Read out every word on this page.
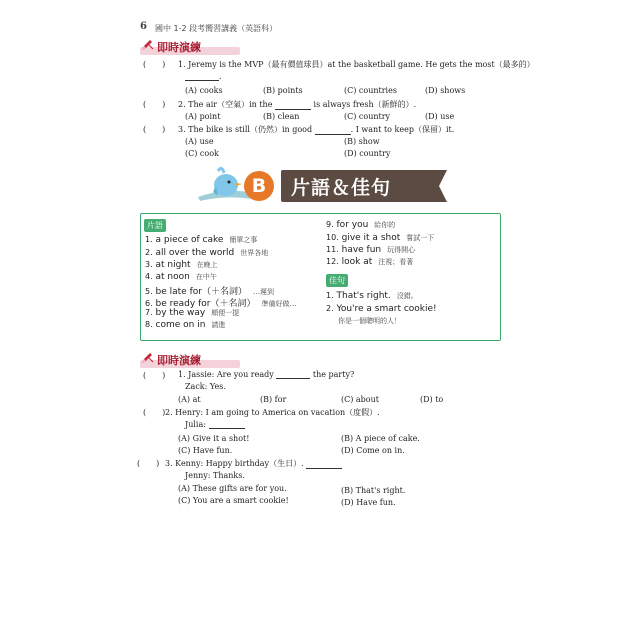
6 國中 1-2 段考嚮習講義（英語科）
即時演練
(　　) 1. Jeremy is the MVP（最有價值球員）at the basketball game. He gets the most（最多的）
.
(A) cooks	(B) points	(C) countries	(D) shows
(　　) 2. The air（空氣）in the	is always fresh（新鮮的）.
(A) point	(B) clean	(C) country	(D) use
(　　) 3. The bike is still（仍然）in good	. I want to keep（保留）it.
(A) use	(B) show
(C) cook	(D) country
B	片語＆佳句
片語
1. a piece of cake 簡單之事
2. all over the world 世界各地
3. at night 在晚上
4. at noon 在中午
5. be late for（＋名詞） …遲到
6. be ready for（＋名詞） 準備好做…
7. by the way 順便一提
8. come on in 請進
9. for you 給你的
10. give it a shot 嘗試一下
11. have fun 玩得開心
12. look at 注視；看著
佳句
1. That's right. 沒錯。
2. You're a smart cookie!
你是一個聰明的人！
即時演練
(　　) 1. Jassie: Are you ready	the party?
Zack: Yes.
(A) at	(B) for	(C) about	(D) to
(　　) 2. Henry: I am going to America on vacation（度假）.
Julia:
(A) Give it a shot!	(B) A piece of cake.
(C) Have fun.	(D) Come on in.
(　　) 3. Kenny: Happy birthday（生日）.
Jenny: Thanks.
(A) These gifts are for you.	(B) That's right.
(C) You are a smart cookie!	(D) Have fun.
